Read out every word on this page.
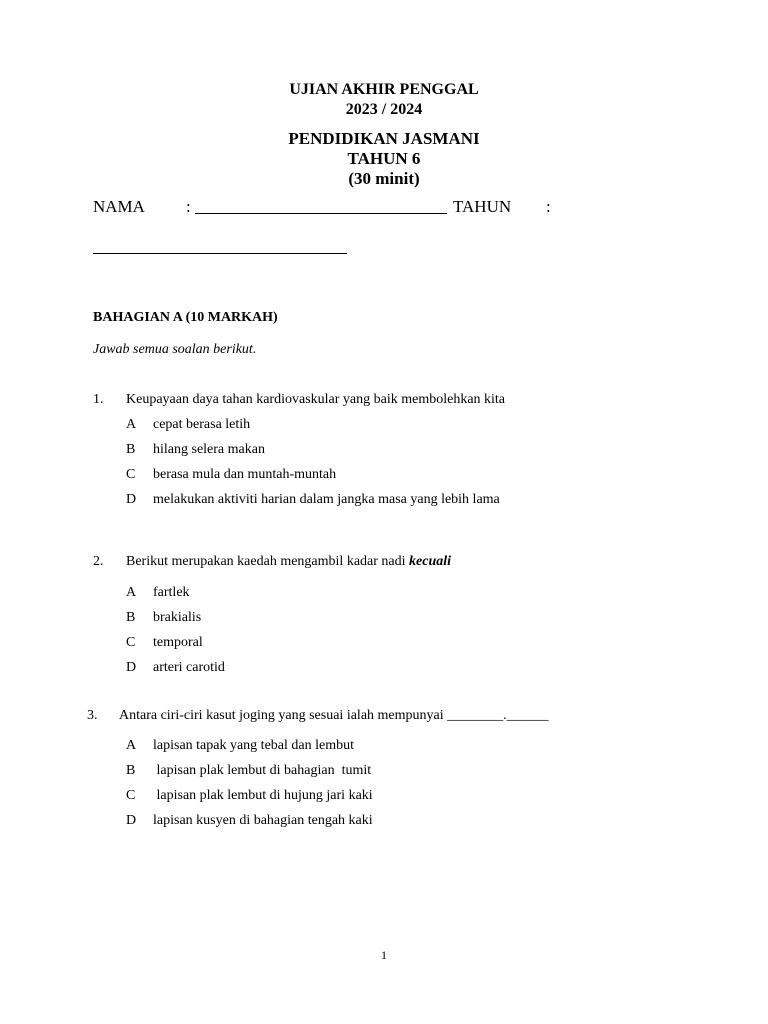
UJIAN AKHIR PENGGAL
2023 / 2024
PENDIDIKAN JASMANI
TAHUN 6
(30 minit)
NAMA :	TAHUN :
BAHAGIAN A (10 MARKAH)
Jawab semua soalan berikut.
1. Keupayaan daya tahan kardiovaskular yang baik membolehkan kita
A cepat berasa letih
B hilang selera makan
C berasa mula dan muntah-muntah
D melakukan aktiviti harian dalam jangka masa yang lebih lama
2. Berikut merupakan kaedah mengambil kadar nadi kecuali
A fartlek
B brakialis
C temporal
D arteri carotid
3. Antara ciri-ciri kasut joging yang sesuai ialah mempunyai ________.______
A lapisan tapak yang tebal dan lembut
B lapisan plak lembut di bahagian  tumit
C lapisan plak lembut di hujung jari kaki
D lapisan kusyen di bahagian tengah kaki
1
